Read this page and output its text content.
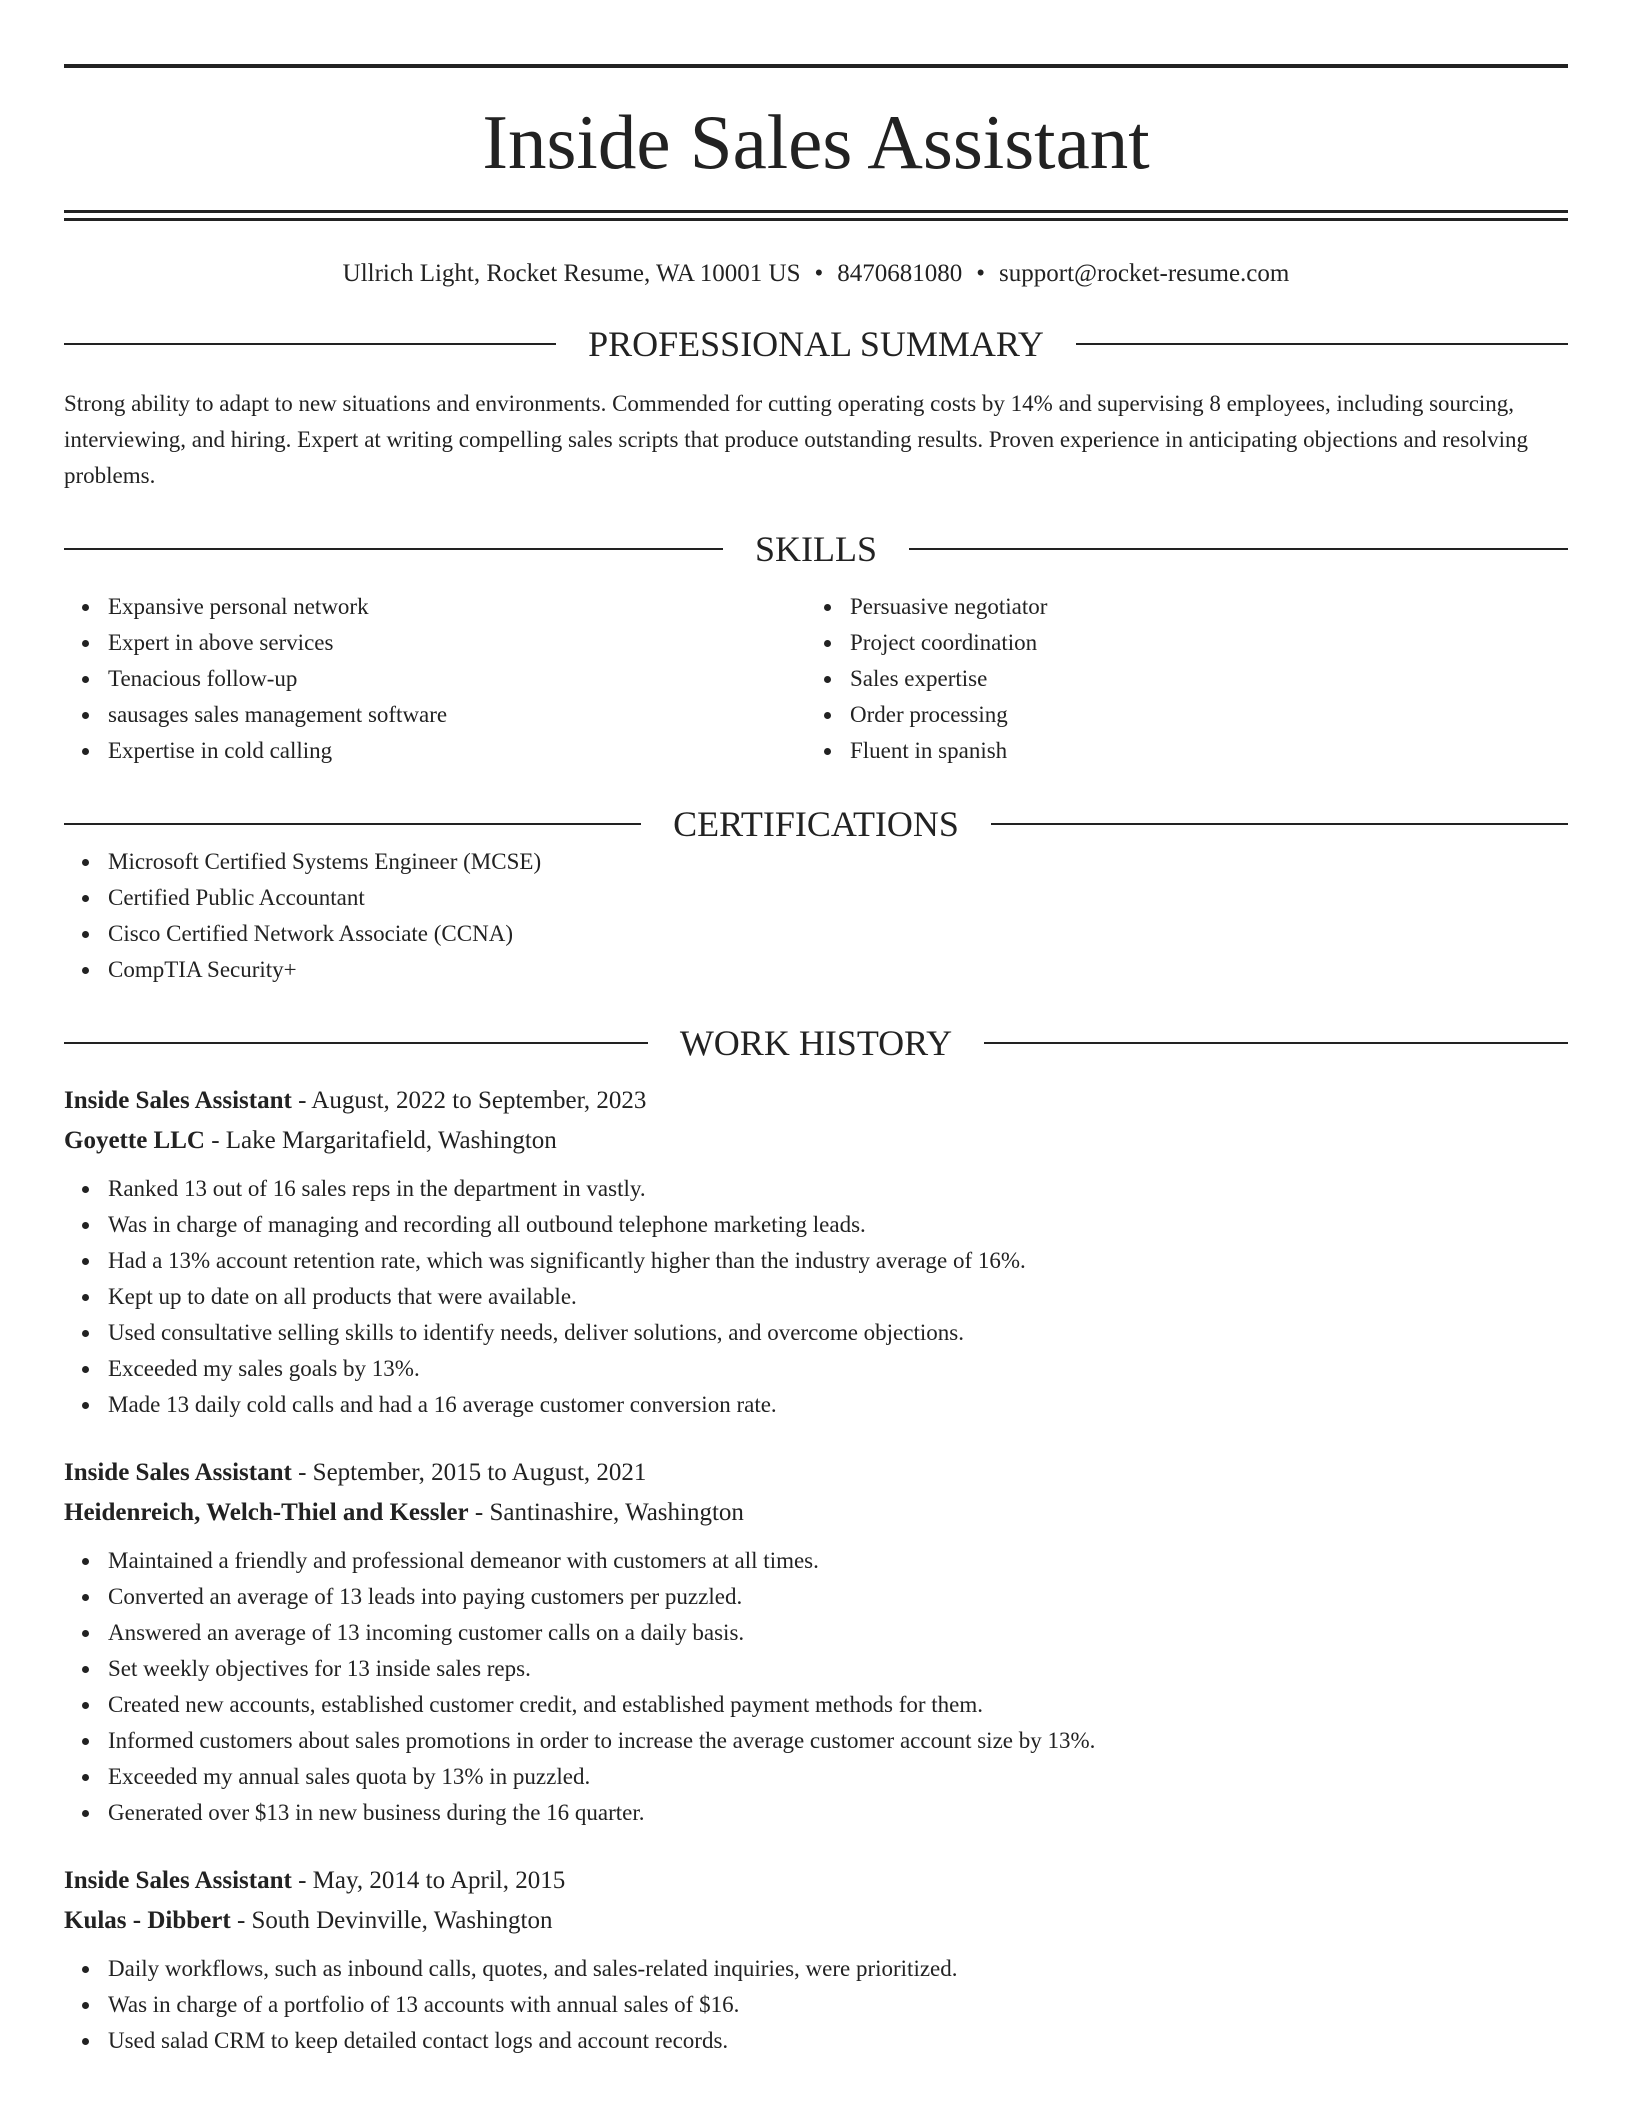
Inside Sales Assistant
Ullrich Light, Rocket Resume, WA 10001 US • 8470681080 • support@rocket-resume.com
PROFESSIONAL SUMMARY
Strong ability to adapt to new situations and environments. Commended for cutting operating costs by 14% and supervising 8 employees, including sourcing, interviewing, and hiring. Expert at writing compelling sales scripts that produce outstanding results. Proven experience in anticipating objections and resolving problems.
SKILLS
Expansive personal network
Expert in above services
Tenacious follow-up
sausages sales management software
Expertise in cold calling
Persuasive negotiator
Project coordination
Sales expertise
Order processing
Fluent in spanish
CERTIFICATIONS
Microsoft Certified Systems Engineer (MCSE)
Certified Public Accountant
Cisco Certified Network Associate (CCNA)
CompTIA Security+
WORK HISTORY
Inside Sales Assistant - August, 2022 to September, 2023
Goyette LLC - Lake Margaritafield, Washington
Ranked 13 out of 16 sales reps in the department in vastly.
Was in charge of managing and recording all outbound telephone marketing leads.
Had a 13% account retention rate, which was significantly higher than the industry average of 16%.
Kept up to date on all products that were available.
Used consultative selling skills to identify needs, deliver solutions, and overcome objections.
Exceeded my sales goals by 13%.
Made 13 daily cold calls and had a 16 average customer conversion rate.
Inside Sales Assistant - September, 2015 to August, 2021
Heidenreich, Welch-Thiel and Kessler - Santinashire, Washington
Maintained a friendly and professional demeanor with customers at all times.
Converted an average of 13 leads into paying customers per puzzled.
Answered an average of 13 incoming customer calls on a daily basis.
Set weekly objectives for 13 inside sales reps.
Created new accounts, established customer credit, and established payment methods for them.
Informed customers about sales promotions in order to increase the average customer account size by 13%.
Exceeded my annual sales quota by 13% in puzzled.
Generated over $13 in new business during the 16 quarter.
Inside Sales Assistant - May, 2014 to April, 2015
Kulas - Dibbert - South Devinville, Washington
Daily workflows, such as inbound calls, quotes, and sales-related inquiries, were prioritized.
Was in charge of a portfolio of 13 accounts with annual sales of $16.
Used salad CRM to keep detailed contact logs and account records.
